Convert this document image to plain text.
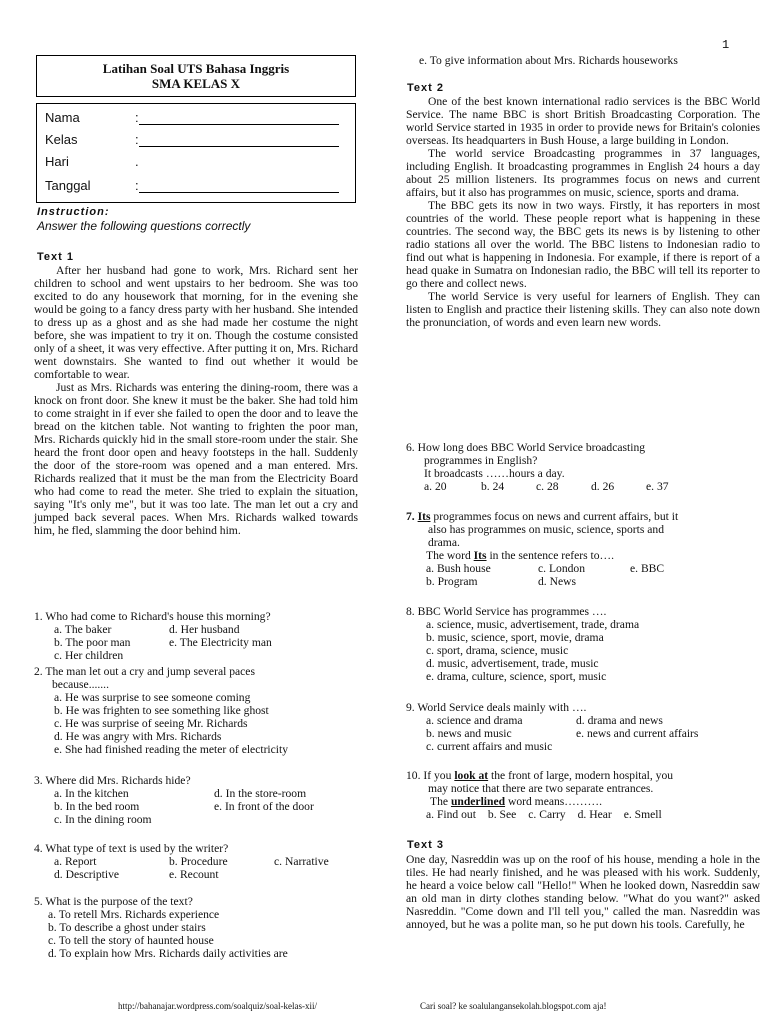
1
Latihan Soal UTS Bahasa Inggris
SMA KELAS X
Nama	:
Kelas	:
Hari	.
Tanggal	:
Instruction:
Answer the following questions correctly
Text 1

After her husband had gone to work, Mrs. Richard sent her children to school and went upstairs to her bedroom. She was too excited to do any housework that morning, for in the evening she would be going to a fancy dress party with her husband. She intended to dress up as a ghost and as she had made her costume the night before, she was impatient to try it on. Though the costume consisted only of a sheet, it was very effective. After putting it on, Mrs. Richard went downstairs. She wanted to find out whether it would be comfortable to wear.

Just as Mrs. Richards was entering the dining-room, there was a knock on front door. She knew it must be the baker. She had told him to come straight in if ever she failed to open the door and to leave the bread on the kitchen table. Not wanting to frighten the poor man, Mrs. Richards quickly hid in the small store-room under the stair. She heard the front door open and heavy footsteps in the hall. Suddenly the door of the store-room was opened and a man entered. Mrs. Richards realized that it must be the man from the Electricity Board who had come to read the meter. She tried to explain the situation, saying "It's only me", but it was too late. The man let out a cry and jumped back several paces. When Mrs. Richards walked towards him, he fled, slamming the door behind him.

1. Who had come to Richard's house this morning?
a. The baker	d. Her husband
b. The poor man	e. The Electricity man
c. Her children
2. The man let out a cry and jump several paces
because.......
a. He was surprise to see someone coming
b. He was frighten to see something like ghost
c. He was surprise of seeing Mr. Richards
d. He was angry with Mrs. Richards
e. She had finished reading the meter of electricity
3. Where did Mrs. Richards hide?
a. In the kitchen	d. In the store-room
b. In the bed room	e. In front of the door
c. In the dining room
4. What type of text is used by the writer?
a. Report	b. Procedure	c. Narrative
d. Descriptive	e. Recount
5. What is the purpose of the text?
a. To retell Mrs. Richards experience
b. To describe a ghost under stairs
c. To tell the story of haunted house
d. To explain how Mrs. Richards daily activities are
e. To give information about Mrs. Richards houseworks
Text 2

One of the best known international radio services is the BBC World Service. The name BBC is short British Broadcasting Corporation. The world Service started in 1935 in order to provide news for Britain's colonies overseas. Its headquarters in Bush House, a large building in London.

The world service Broadcasting programmes in 37 languages, including English. It broadcasting programmes in English 24 hours a day about 25 million listeners. Its programmes focus on news and current affairs, but it also has programmes on music, science, sports and drama.

The BBC gets its now in two ways. Firstly, it has reporters in most countries of the world. These people report what is happening in these countries. The second way, the BBC gets its news is by listening to other radio stations all over the world. The BBC listens to Indonesian radio to find out what is happening in Indonesia. For example, if there is report of a head quake in Sumatra on Indonesian radio, the BBC will tell its reporter to go there and collect news.

The world Service is very useful for learners of English. They can listen to English and practice their listening skills. They can also note down the pronunciation, of words and even learn new words.

6. How long does BBC World Service broadcasting
programmes in English?
It broadcasts ……hours a day.
a. 20	b. 24	c. 28	d. 26	e. 37
7. Its programmes focus on news and current affairs, but it
also has programmes on music, science, sports and
drama.
The word Its in the sentence refers to….
a. Bush house	c. London	e. BBC
b. Program	d. News
8. BBC World Service has programmes ….
a. science, music, advertisement, trade, drama
b. music, science, sport, movie, drama
c. sport, drama, science, music
d. music, advertisement, trade, music
e. drama, culture, science, sport, music
9. World Service deals mainly with ….
a. science and drama	d. drama and news
b. news and music	e. news and current affairs
c. current affairs and music
10. If you look at the front of large, modern hospital, you
may notice that there are two separate entrances.
The underlined word means……….
a. Find out b. See c. Carry d. Hear e. Smell
Text 3

One day, Nasreddin was up on the roof of his house, mending a hole in the tiles. He had nearly finished, and he was pleased with his work. Suddenly, he heard a voice below call "Hello!" When he looked down, Nasreddin saw an old man in dirty clothes standing below. "What do you want?" asked Nasreddin. "Come down and I'll tell you," called the man. Nasreddin was annoyed, but he was a polite man, so he put down his tools. Carefully, he

http://bahanajar.wordpress.com/soalquiz/soal-kelas-xii/	Cari soal? ke soalulangansekolah.blogspot.com aja!
